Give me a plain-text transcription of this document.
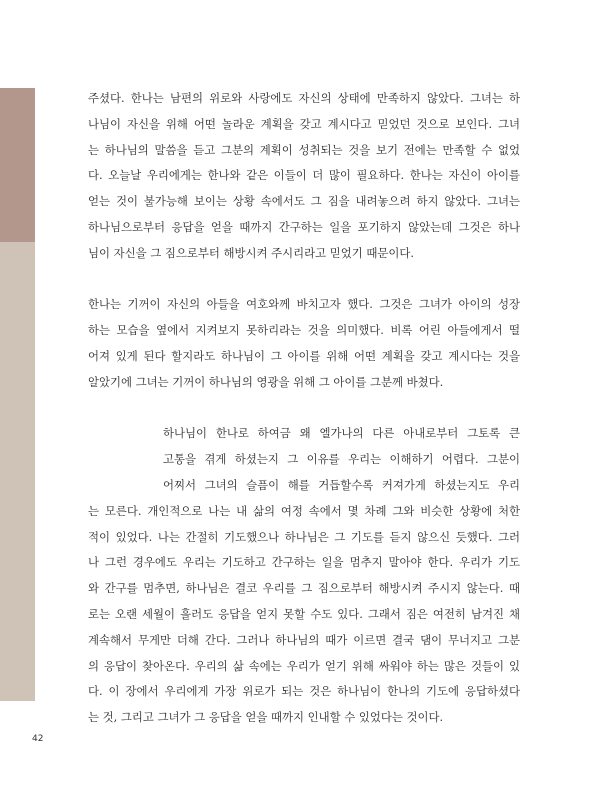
주셨다. 한나는 남편의 위로와 사랑에도 자신의 상태에 만족하지 않았다. 그녀는 하
나님이 자신을 위해 어떤 놀라운 계획을 갖고 계시다고 믿었던 것으로 보인다. 그녀
는 하나님의 말씀을 듣고 그분의 계획이 성취되는 것을 보기 전에는 만족할 수 없었
다. 오늘날 우리에게는 한나와 같은 이들이 더 많이 필요하다. 한나는 자신이 아이를
얻는 것이 불가능해 보이는 상황 속에서도 그 짐을 내려놓으려 하지 않았다. 그녀는
하나님으로부터 응답을 얻을 때까지 간구하는 일을 포기하지 않았는데 그것은 하나
님이 자신을 그 짐으로부터 해방시켜 주시리라고 믿었기 때문이다.

한나는 기꺼이 자신의 아들을 여호와께 바치고자 했다. 그것은 그녀가 아이의 성장
하는 모습을 옆에서 지켜보지 못하리라는 것을 의미했다. 비록 어린 아들에게서 떨
어져 있게 된다 할지라도 하나님이 그 아이를 위해 어떤 계획을 갖고 계시다는 것을
알았기에 그녀는 기꺼이 하나님의 영광을 위해 그 아이를 그분께 바쳤다.

하나님이 한나로 하여금 왜 엘가나의 다른 아내로부터 그토록 큰
고통을 겪게 하셨는지 그 이유를 우리는 이해하기 어렵다. 그분이
어찌서 그녀의 슬픔이 해를 거듭할수록 커져가게 하셨는지도 우리
는 모른다. 개인적으로 나는 내 삶의 여정 속에서 몇 차례 그와 비슷한 상황에 처한
적이 있었다. 나는 간절히 기도했으나 하나님은 그 기도를 듣지 않으신 듯했다. 그러
나 그런 경우에도 우리는 기도하고 간구하는 일을 멈추지 말아야 한다. 우리가 기도
와 간구를 멈추면, 하나님은 결코 우리를 그 짐으로부터 해방시켜 주시지 않는다. 때
로는 오랜 세월이 흘러도 응답을 얻지 못할 수도 있다. 그래서 짐은 여전히 남겨진 채
계속해서 무게만 더해 간다. 그러나 하나님의 때가 이르면 결국 댐이 무너지고 그분
의 응답이 찾아온다. 우리의 삶 속에는 우리가 얻기 위해 싸워야 하는 많은 것들이 있
다. 이 장에서 우리에게 가장 위로가 되는 것은 하나님이 한나의 기도에 응답하셨다
는 것, 그리고 그녀가 그 응답을 얻을 때까지 인내할 수 있었다는 것이다.
42
